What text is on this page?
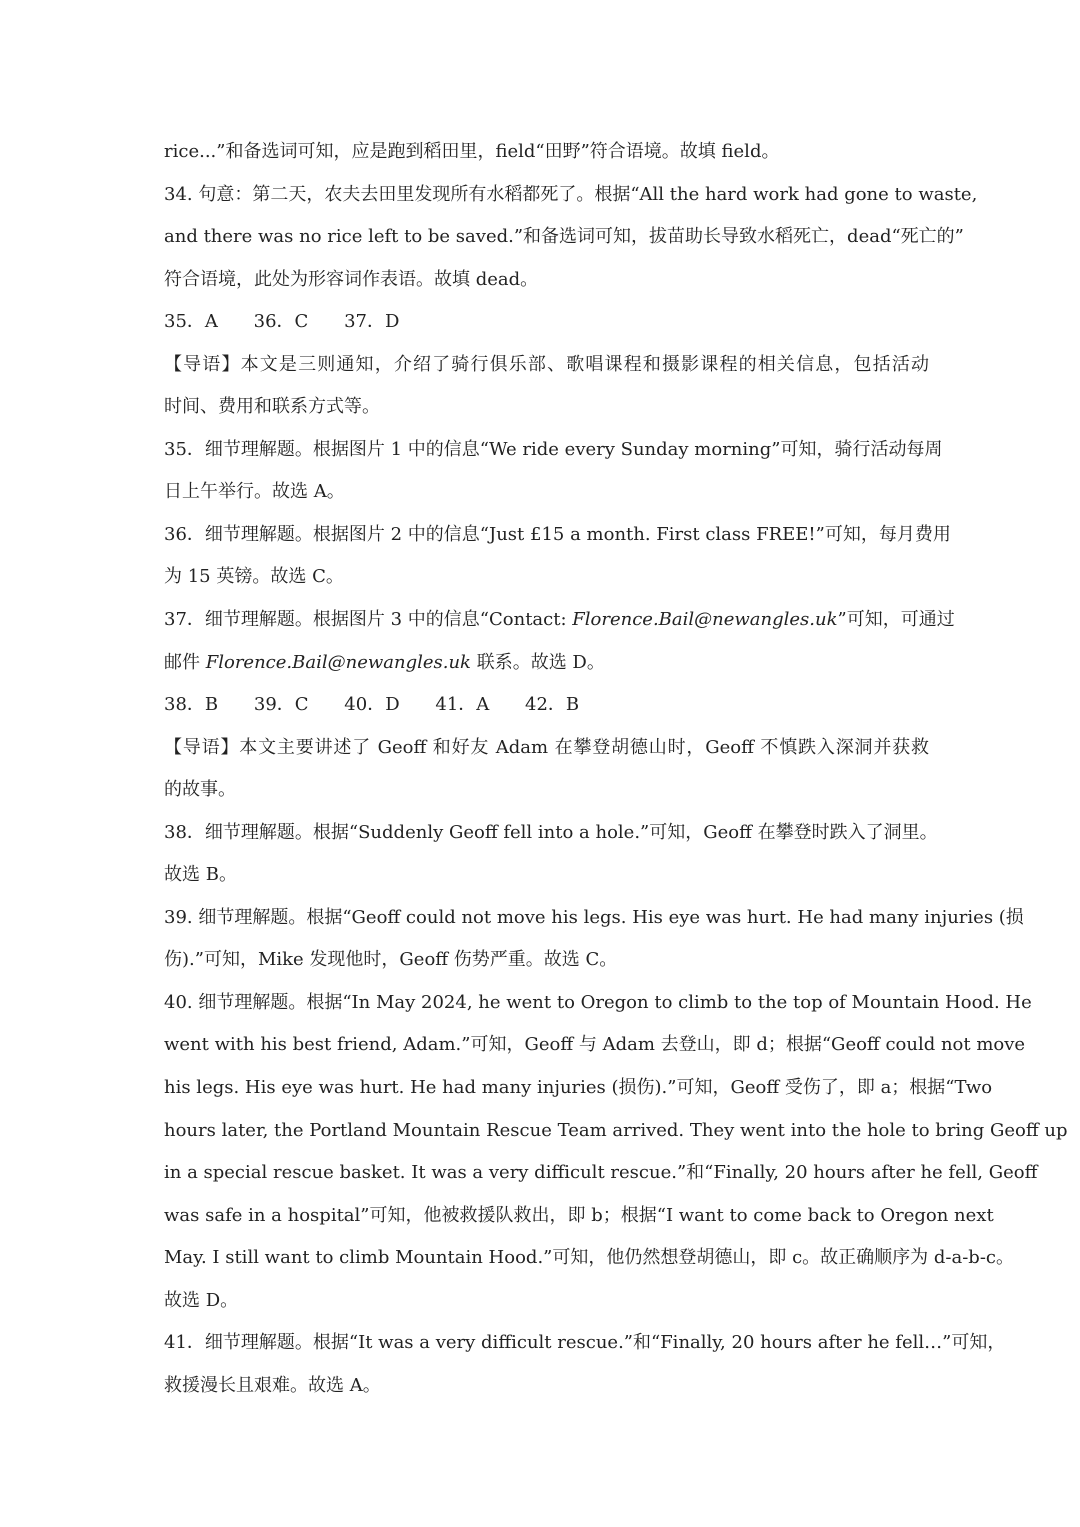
rice...”和备选词可知，应是跑到稻田里，field“田野”符合语境。故填 field。
34. 句意：第二天，农夫去田里发现所有水稻都死了。根据“All the hard work had gone to waste,
and there was no rice left to be saved.”和备选词可知，拔苗助长导致水稻死亡，dead“死亡的”
符合语境，此处为形容词作表语。故填 dead。
35．A 36．C 37．D
【导语】本文是三则通知，介绍了骑行俱乐部、歌唱课程和摄影课程的相关信息，包括活动
时间、费用和联系方式等。
35．细节理解题。根据图片 1 中的信息“We ride every Sunday morning”可知，骑行活动每周
日上午举行。故选 A。
36．细节理解题。根据图片 2 中的信息“Just £15 a month. First class FREE!”可知，每月费用
为 15 英镑。故选 C。
37．细节理解题。根据图片 3 中的信息“Contact: Florence.Bail@newangles.uk”可知，可通过
邮件 Florence.Bail@newangles.uk 联系。故选 D。
38．B 39．C 40．D 41．A 42．B
【导语】本文主要讲述了 Geoff 和好友 Adam 在攀登胡德山时，Geoff 不慎跌入深洞并获救
的故事。
38．细节理解题。根据“Suddenly Geoff fell into a hole.”可知，Geoff 在攀登时跌入了洞里。
故选 B。
39. 细节理解题。根据“Geoff could not move his legs. His eye was hurt. He had many injuries (损
伤).”可知，Mike 发现他时，Geoff 伤势严重。故选 C。
40. 细节理解题。根据“In May 2024, he went to Oregon to climb to the top of Mountain Hood. He
went with his best friend, Adam.”可知，Geoff 与 Adam 去登山，即 d；根据“Geoff could not move
his legs. His eye was hurt. He had many injuries (损伤).”可知，Geoff 受伤了，即 a；根据“Two
hours later, the Portland Mountain Rescue Team arrived. They went into the hole to bring Geoff up
in a special rescue basket. It was a very difficult rescue.”和“Finally, 20 hours after he fell, Geoff
was safe in a hospital”可知，他被救援队救出，即 b；根据“I want to come back to Oregon next
May. I still want to climb Mountain Hood.”可知，他仍然想登胡德山，即 c。故正确顺序为 d-a-b-c。
故选 D。
41．细节理解题。根据“It was a very difficult rescue.”和“Finally, 20 hours after he fell…”可知，
救援漫长且艰难。故选 A。
